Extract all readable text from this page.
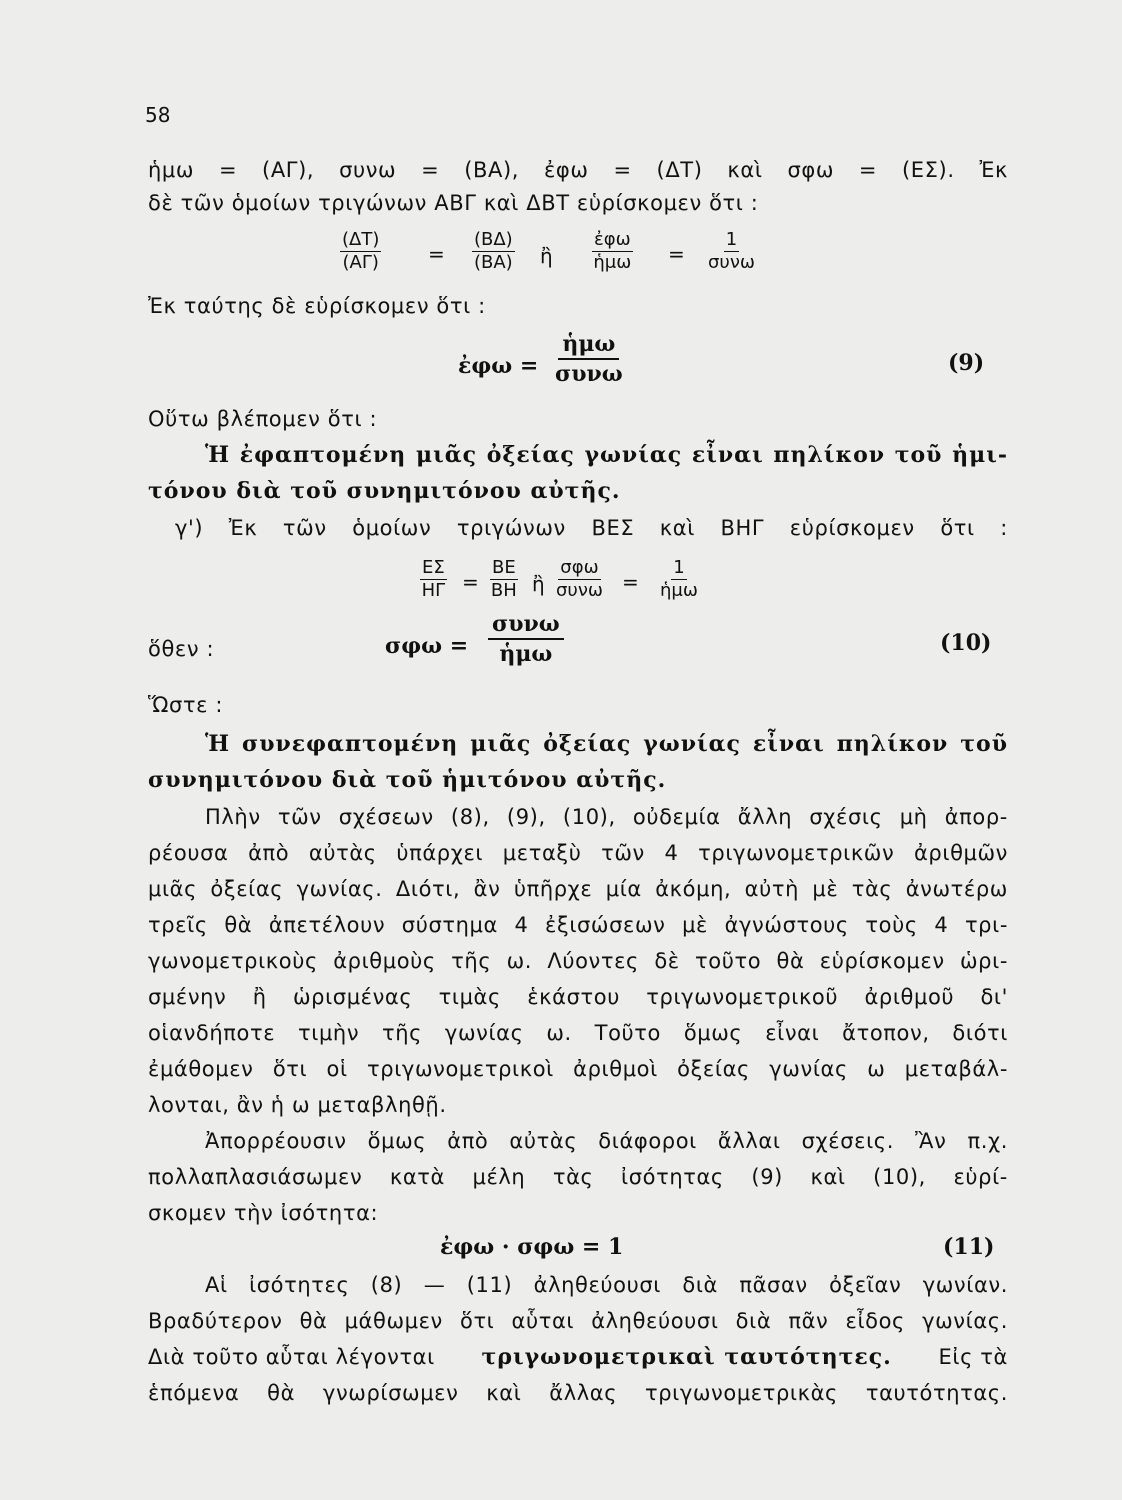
58
ἡμω = (ΑΓ), συνω = (ΒΑ), ἐφω = (ΔΤ) καὶ σφω = (ΕΣ). Ἐκ
δὲ τῶν ὁμοίων τριγώνων ΑΒΓ καὶ ΔΒΤ εὑρίσκομεν ὅτι :
(ΔΤ)
(ΑΓ) =
(ΒΔ)
(ΒΑ) ἢ
ἐφω
ἡμω =
1
συνω
Ἐκ ταύτης δὲ εὑρίσκομεν ὅτι :
ἐφω =
ἡμω
συνω	(9)
Οὕτω βλέπομεν ὅτι :
Ἡ ἐφαπτομένη μιᾶς ὀξείας γωνίας εἶναι πηλίκον τοῦ ἡμι-
τόνου διὰ τοῦ συνημιτόνου αὐτῆς.
γ') Ἐκ τῶν ὁμοίων τριγώνων ΒΕΣ καὶ ΒΗΓ εὑρίσκομεν ὅτι :
ΕΣ
ΗΓ =
ΒΕ
ΒΗ ἢ
σφω
συνω =
1
ἡμω
ὅθεν :	σφω =
συνω
ἡμω	(10)
Ὥστε :
Ἡ συνεφαπτομένη μιᾶς ὀξείας γωνίας εἶναι πηλίκον τοῦ
συνημιτόνου διὰ τοῦ ἡμιτόνου αὐτῆς.
Πλὴν τῶν σχέσεων (8), (9), (10), οὐδεμία ἄλλη σχέσις μὴ ἀπορ-
ρέουσα ἀπὸ αὐτὰς ὑπάρχει μεταξὺ τῶν 4 τριγωνομετρικῶν ἀριθμῶν
μιᾶς ὀξείας γωνίας. Διότι, ἂν ὑπῆρχε μία ἀκόμη, αὐτὴ μὲ τὰς ἀνωτέρω
τρεῖς θὰ ἀπετέλουν σύστημα 4 ἐξισώσεων μὲ ἀγνώστους τοὺς 4 τρι-
γωνομετρικοὺς ἀριθμοὺς τῆς ω. Λύοντες δὲ τοῦτο θὰ εὑρίσκομεν ὡρι-
σμένην ἢ ὡρισμένας τιμὰς ἑκάστου τριγωνομετρικοῦ ἀριθμοῦ δι'
οἱανδήποτε τιμὴν τῆς γωνίας ω. Τοῦτο ὅμως εἶναι ἄτοπον, διότι
ἐμάθομεν ὅτι οἱ τριγωνομετρικοὶ ἀριθμοὶ ὀξείας γωνίας ω μεταβάλ-
λονται, ἂν ἡ ω μεταβληθῇ.
Ἀπορρέουσιν ὅμως ἀπὸ αὐτὰς διάφοροι ἄλλαι σχέσεις. Ἂν π.χ.
πολλαπλασιάσωμεν κατὰ μέλη τὰς ἰσότητας (9) καὶ (10), εὑρί-
σκομεν τὴν ἰσότητα:
ἐφω · σφω = 1	(11)
Αἱ ἰσότητες (8) — (11) ἀληθεύουσι διὰ πᾶσαν ὀξεῖαν γωνίαν.
Βραδύτερον θὰ μάθωμεν ὅτι αὗται ἀληθεύουσι διὰ πᾶν εἶδος γωνίας.
Διὰ τοῦτο αὗται λέγονται τριγωνομετρικαὶ ταυτότητες. Εἰς τὰ
ἑπόμενα θὰ γνωρίσωμεν καὶ ἄλλας τριγωνομετρικὰς ταυτότητας.
